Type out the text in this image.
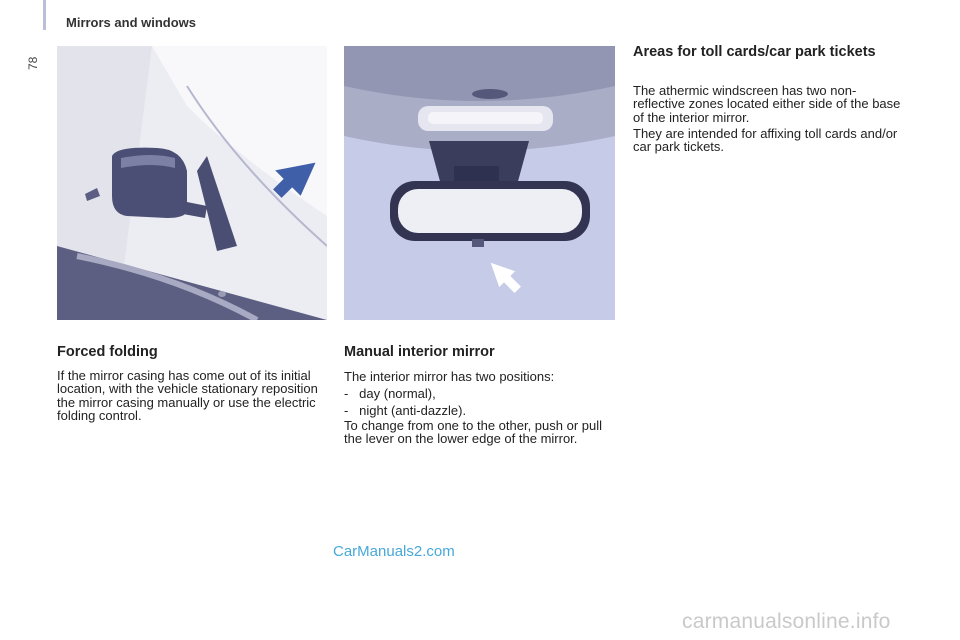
78
Mirrors and windows
Forced folding

If the mirror casing has come out of its initial location, with the vehicle stationary reposition the mirror casing manually or use the electric folding control.

Manual interior mirror

The interior mirror has two positions:

-   day (normal),

-   night (anti-dazzle).

To change from one to the other, push or pull the lever on the lower edge of the mirror.

Areas for toll cards/car park tickets

The athermic windscreen has two non-reflective zones located either side of the base of the interior mirror.

They are intended for affixing toll cards and/or car park tickets.

CarManuals2.com
carmanualsonline.info
